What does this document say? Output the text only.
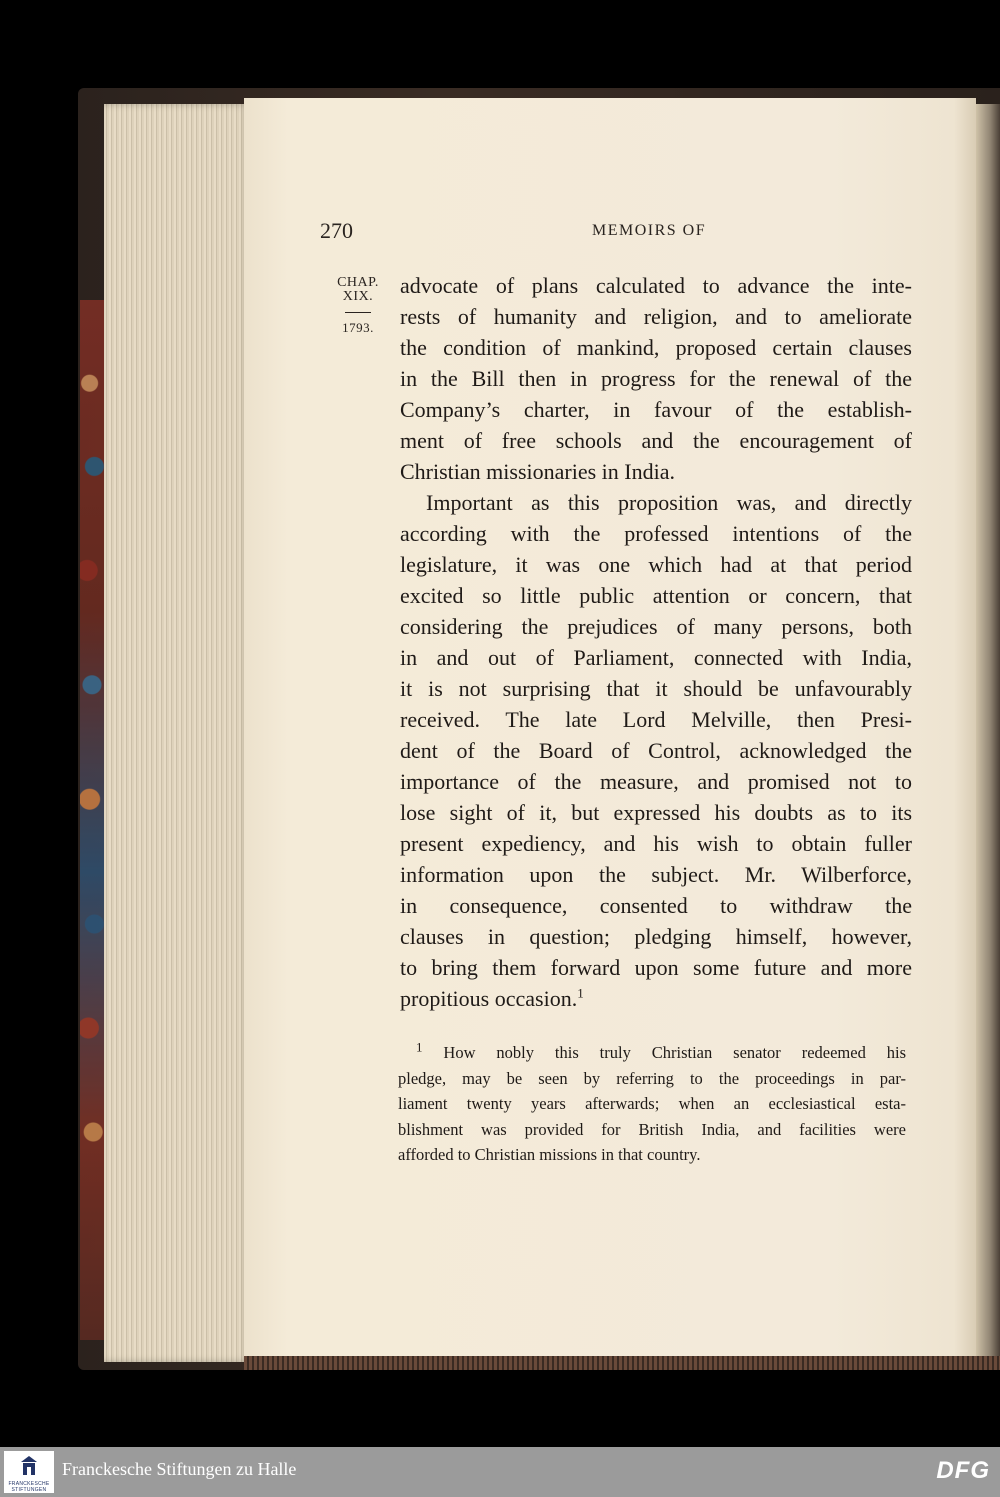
270	MEMOIRS OF
CHAP.
XIX.
1793.
advocate of plans calculated to advance the inte-
rests of humanity and religion, and to ameliorate
the condition of mankind, proposed certain clauses
in the Bill then in progress for the renewal of the
Company’s charter, in favour of the establish-
ment of free schools and the encouragement of
Christian missionaries in India.
Important as this proposition was, and directly
according with the professed intentions of the
legislature, it was one which had at that period
excited so little public attention or concern, that
considering the prejudices of many persons, both
in and out of Parliament, connected with India,
it is not surprising that it should be unfavourably
received. The late Lord Melville, then Presi-
dent of the Board of Control, acknowledged the
importance of the measure, and promised not to
lose sight of it, but expressed his doubts as to its
present expediency, and his wish to obtain fuller
information upon the subject. Mr. Wilberforce,
in consequence, consented to withdraw the
clauses in question; pledging himself, however,
to bring them forward upon some future and more
propitious occasion.$^1$
$^1$ How nobly this truly Christian senator redeemed his
pledge, may be seen by referring to the proceedings in par-
liament twenty years afterwards; when an ecclesiastical esta-
blishment was provided for British India, and facilities were
afforded to Christian missions in that country.
FRANCKESCHE
STIFTUNGEN
Franckesche Stiftungen zu Halle	DFG
